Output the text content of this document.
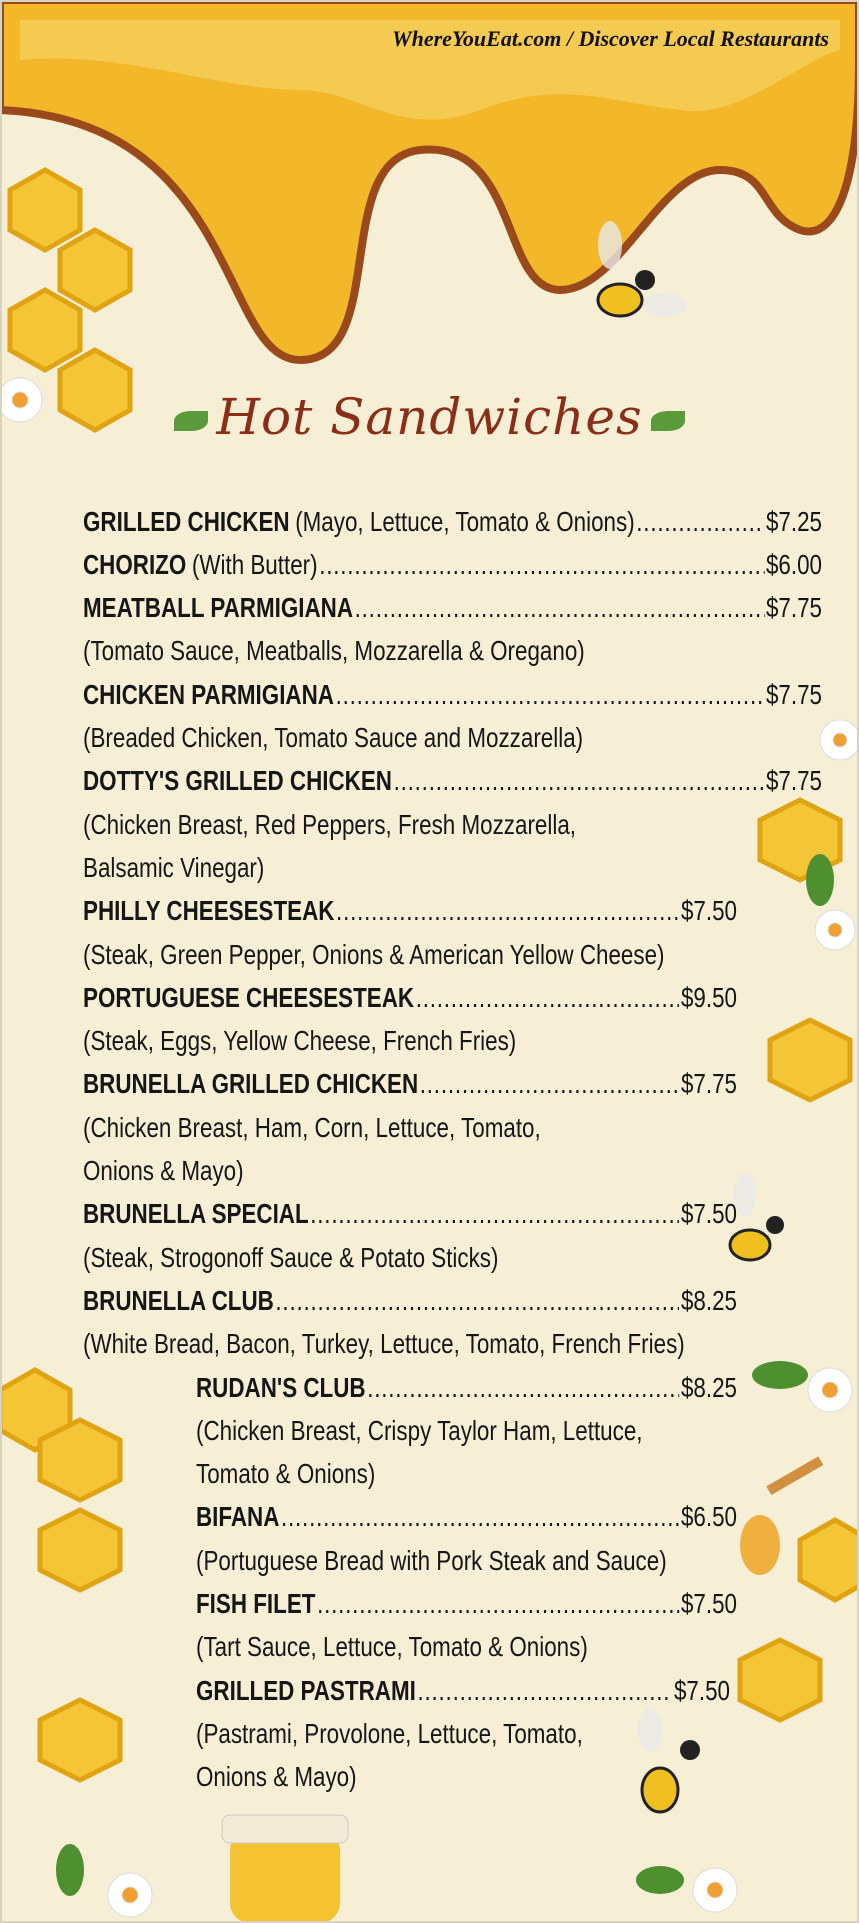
WhereYouEat.com / Discover Local Restaurants
Hot Sandwiches
GRILLED CHICKEN (Mayo, Lettuce, Tomato & Onions) .....	$7.25
CHORIZO (With Butter) .....	$6.00
MEATBALL PARMIGIANA .....	$7.75
(Tomato Sauce, Meatballs, Mozzarella & Oregano)
CHICKEN PARMIGIANA .....	$7.75
(Breaded Chicken, Tomato Sauce and Mozzarella)
DOTTY'S GRILLED CHICKEN .....	$7.75
(Chicken Breast, Red Peppers, Fresh Mozzarella,
Balsamic Vinegar)
PHILLY CHEESESTEAK .....	$7.50
(Steak, Green Pepper, Onions & American Yellow Cheese)
PORTUGUESE CHEESESTEAK .....	$9.50
(Steak, Eggs, Yellow Cheese, French Fries)
BRUNELLA GRILLED CHICKEN .....	$7.75
(Chicken Breast, Ham, Corn, Lettuce, Tomato,
Onions & Mayo)
BRUNELLA SPECIAL .....	$7.50
(Steak, Strogonoff Sauce & Potato Sticks)
BRUNELLA CLUB .....	$8.25
(White Bread, Bacon, Turkey, Lettuce, Tomato, French Fries)
RUDAN'S CLUB .....	$8.25
(Chicken Breast, Crispy Taylor Ham, Lettuce,
Tomato & Onions)
BIFANA .....	$6.50
(Portuguese Bread with Pork Steak and Sauce)
FISH FILET .....	$7.50
(Tart Sauce, Lettuce, Tomato & Onions)
GRILLED PASTRAMI .....	$7.50
(Pastrami, Provolone, Lettuce, Tomato,
Onions & Mayo)
